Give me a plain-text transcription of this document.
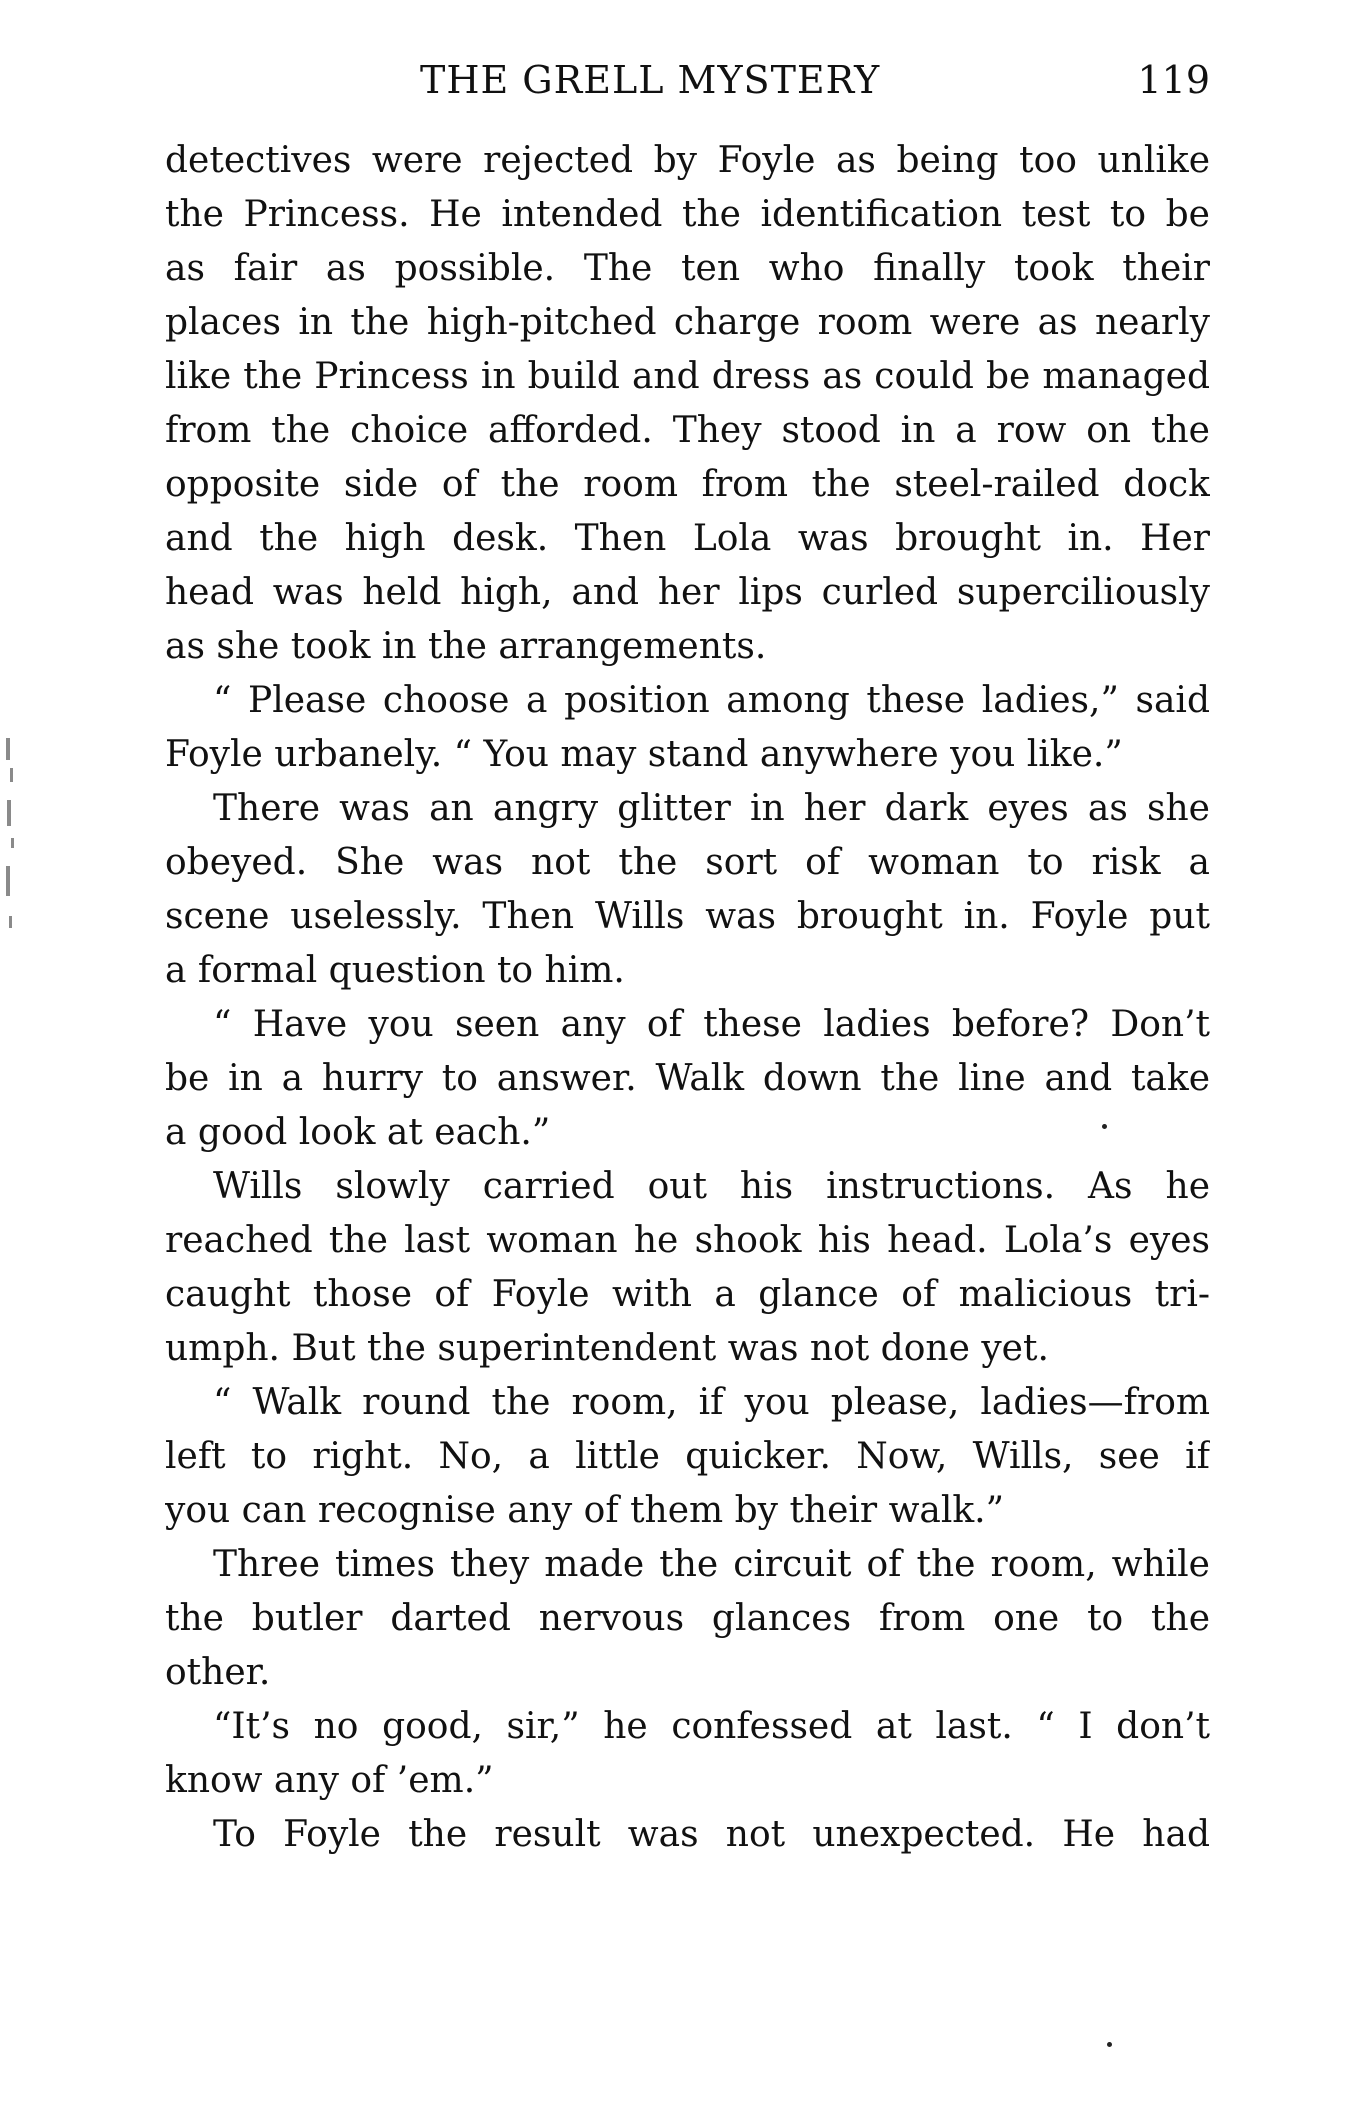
THE GRELL MYSTERY	119
detectives were rejected by Foyle as being too unlike
the Princess. He intended the identification test to be
as fair as possible. The ten who finally took their
places in the high-pitched charge room were as nearly
like the Princess in build and dress as could be managed
from the choice afforded. They stood in a row on the
opposite side of the room from the steel-railed dock
and the high desk. Then Lola was brought in. Her
head was held high, and her lips curled superciliously
as she took in the arrangements.
“ Please choose a position among these ladies,” said
Foyle urbanely. “ You may stand anywhere you like.”
There was an angry glitter in her dark eyes as she
obeyed. She was not the sort of woman to risk a
scene uselessly. Then Wills was brought in. Foyle put
a formal question to him.
“ Have you seen any of these ladies before? Don’t
be in a hurry to answer. Walk down the line and take
a good look at each.”
Wills slowly carried out his instructions. As he
reached the last woman he shook his head. Lola’s eyes
caught those of Foyle with a glance of malicious tri-
umph. But the superintendent was not done yet.
“ Walk round the room, if you please, ladies—from
left to right. No, a little quicker. Now, Wills, see if
you can recognise any of them by their walk.”
Three times they made the circuit of the room, while
the butler darted nervous glances from one to the
other.
“It’s no good, sir,” he confessed at last. “ I don’t
know any of ’em.”
To Foyle the result was not unexpected. He had
